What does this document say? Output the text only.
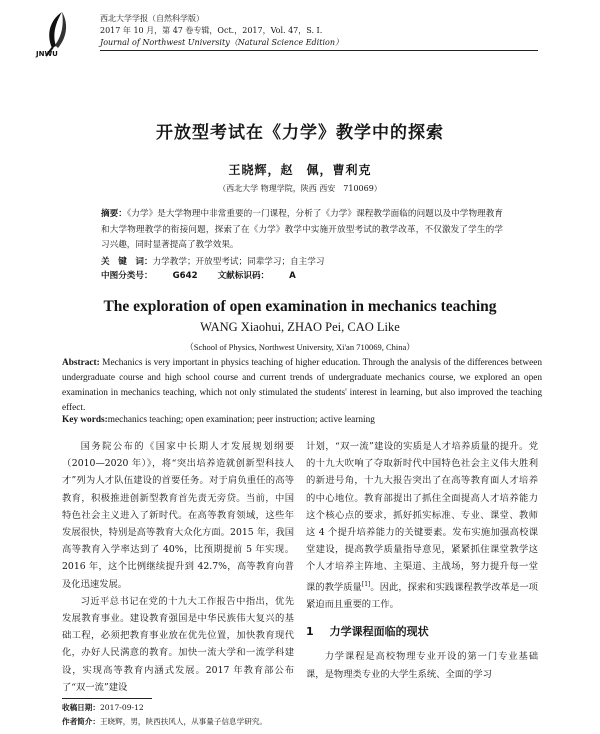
JNWU
西北大学学报（自然科学版）
2017 年 10 月，第 47 卷专辑，Oct.，2017，Vol. 47，S. I.
Journal of Northwest University（Natural Science Edition）
开放型考试在《力学》教学中的探索
王晓辉，赵　佩，曹利克
（西北大学 物理学院，陕西 西安　710069）
摘要：《力学》是大学物理中非常重要的一门课程，分析了《力学》课程教学面临的问题以及中学物理教育和大学物理教学的衔接问题，探索了在《力学》教学中实施开放型考试的教学改革，不仅激发了学生的学习兴趣，同时显著提高了教学效果。
关　键　词：力学教学；开放型考试；同辈学习；自主学习
中图分类号： G642 文献标识码： A
The exploration of open examination in mechanics teaching
WANG Xiaohui, ZHAO Pei, CAO Like
（School of Physics, Northwest University, Xi'an 710069, China）
Abstract: Mechanics is very important in physics teaching of higher education. Through the analysis of the differences between undergraduate course and high school course and current trends of undergraduate mechanics course, we explored an open examination in mechanics teaching, which not only stimulated the students' interest in learning, but also improved the teaching effect.
Key words:mechanics teaching; open examination; peer instruction; active learning

国务院公布的《国家中长期人才发展规划纲要（2010—2020 年）》，将“突出培养造就创新型科技人才”列为人才队伍建设的首要任务。对于肩负重任的高等教育，积极推进创新型教育首先责无旁贷。当前，中国特色社会主义进入了新时代。在高等教育领域，这些年发展很快，特别是高等教育大众化方面。2015 年，我国高等教育入学率达到了 40%，比预期提前 5 年实现。2016 年，这个比例继续提升到 42.7%，高等教育向普及化迅速发展。

习近平总书记在党的十九大工作报告中指出，优先发展教育事业。建设教育强国是中华民族伟大复兴的基础工程，必须把教育事业放在优先位置，加快教育现代化，办好人民满意的教育。加快一流大学和一流学科建设，实现高等教育内涵式发展。2017 年教育部公布了“双一流”建设

计划，“双一流”建设的实质是人才培养质量的提升。党的十九大吹响了夺取新时代中国特色社会主义伟大胜利的新进号角，十九大报告突出了在高等教育面人才培养的中心地位。教育部提出了抓住全面提高人才培养能力这个核心点的要求，抓好抓实标准、专业、课堂、教师这 4 个提升培养能力的关键要素。发布实施加强高校课堂建设，提高教学质量指导意见，紧紧抓住课堂教学这个人才培养主阵地、主渠道、主战场，努力提升每一堂课的教学质量[1]。因此，探索和实践课程教学改革是一项紧迫而且重要的工作。

1 力学课程面临的现状

力学课程是高校物理专业开设的第一门专业基础课，是物理类专业的大学生系统、全面的学习

收稿日期：2017-09-12
作者简介：王晓辉，男，陕西扶风人，从事量子信息学研究。
